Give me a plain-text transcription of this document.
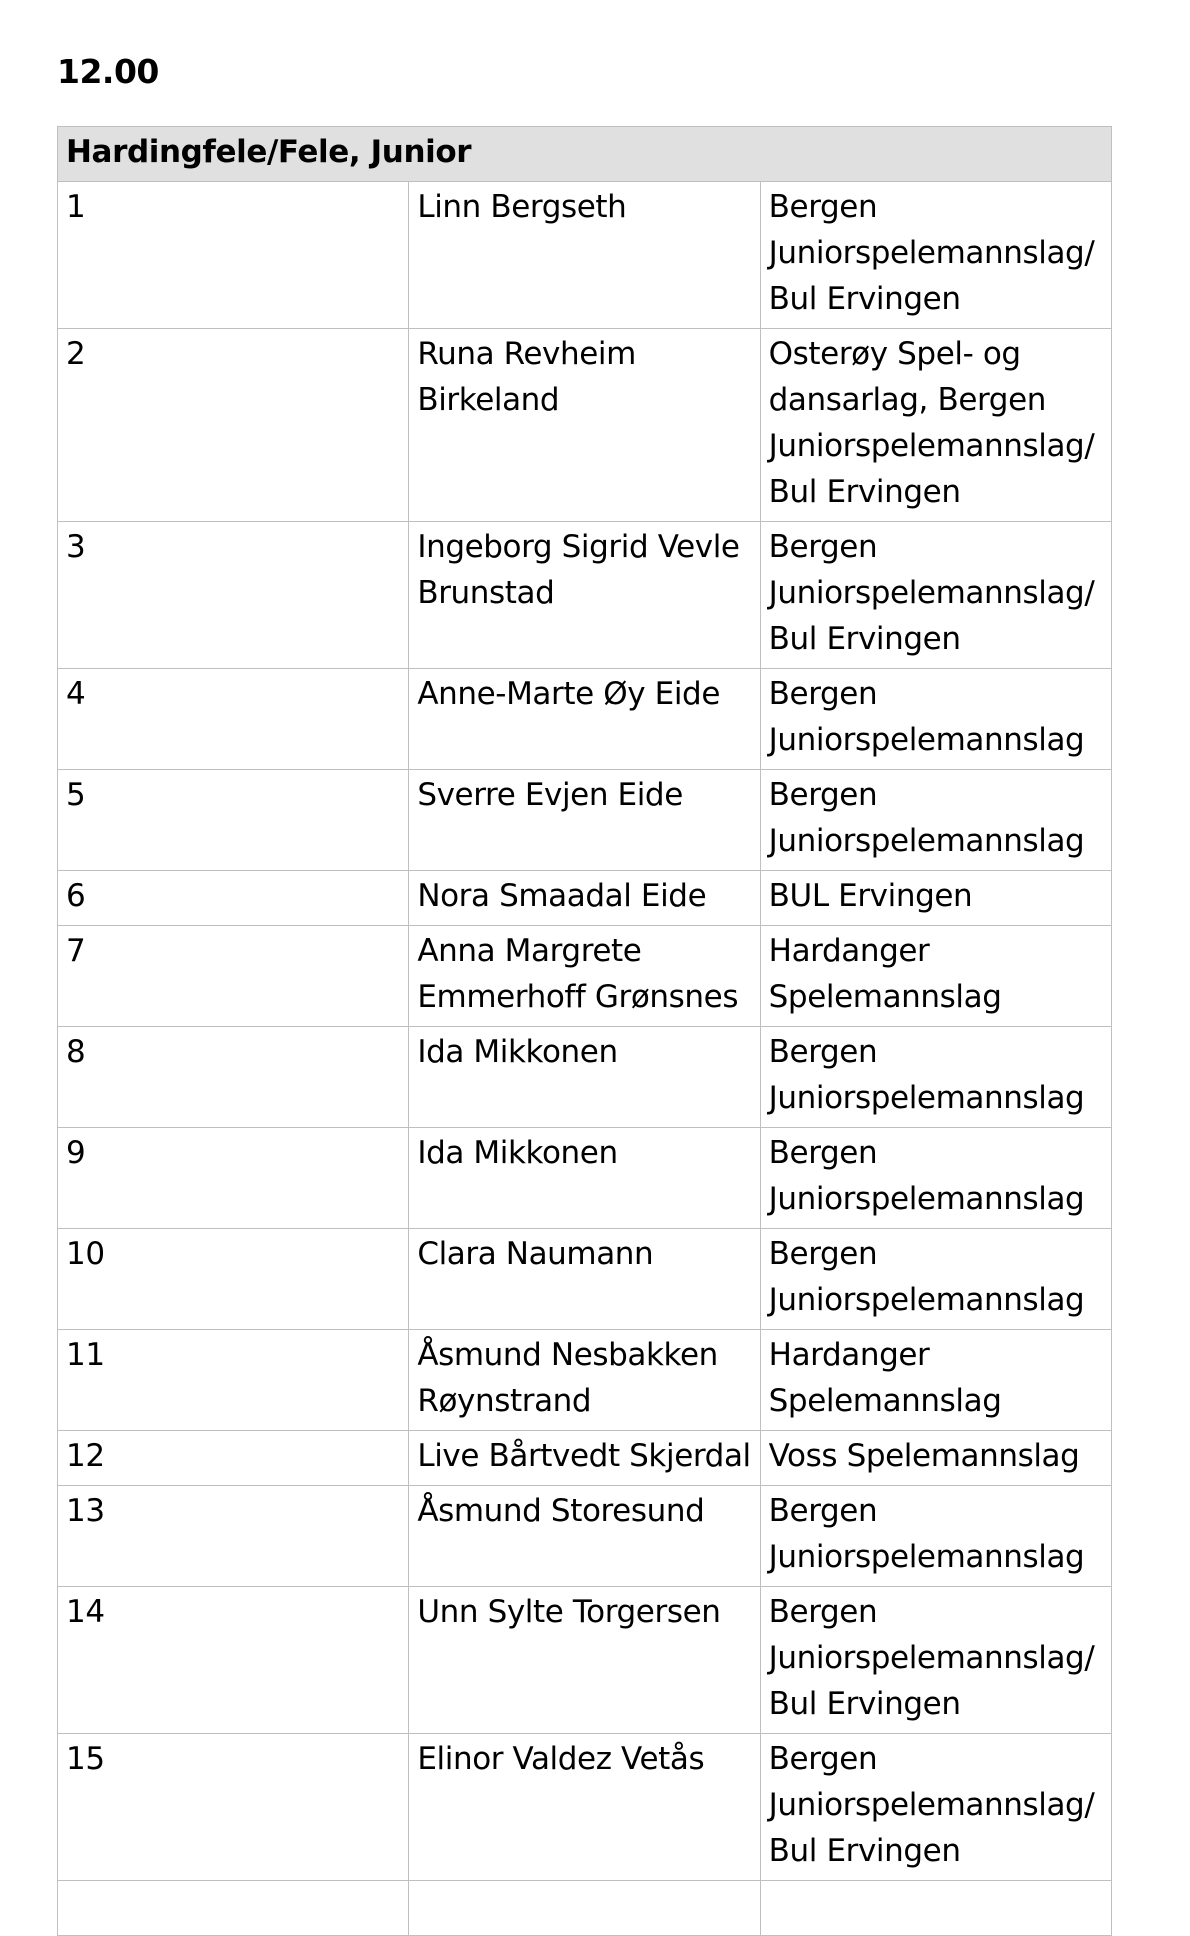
12.00
Hardingfele/Fele, Junior		
1	Linn Bergseth	Bergen Juniorspelemannslag/Bul Ervingen
2	Runa Revheim Birkeland	Osterøy Spel- og dansarlag, Bergen Juniorspelemannslag/Bul Ervingen
3	Ingeborg Sigrid Vevle Brunstad	Bergen Juniorspelemannslag/Bul Ervingen
4	Anne-Marte Øy Eide	Bergen Juniorspelemannslag
5	Sverre Evjen Eide	Bergen Juniorspelemannslag
6	Nora Smaadal Eide	BUL Ervingen
7	Anna Margrete Emmerhoff Grønsnes	Hardanger Spelemannslag
8	Ida Mikkonen	Bergen Juniorspelemannslag
9	Ida Mikkonen	Bergen Juniorspelemannslag
10	Clara Naumann	Bergen Juniorspelemannslag
11	Åsmund Nesbakken Røynstrand	Hardanger Spelemannslag
12	Live Bårtvedt Skjerdal	Voss Spelemannslag
13	Åsmund Storesund	Bergen Juniorspelemannslag
14	Unn Sylte Torgersen	Bergen Juniorspelemannslag/Bul Ervingen
15	Elinor Valdez Vetås	Bergen Juniorspelemannslag/Bul Ervingen
